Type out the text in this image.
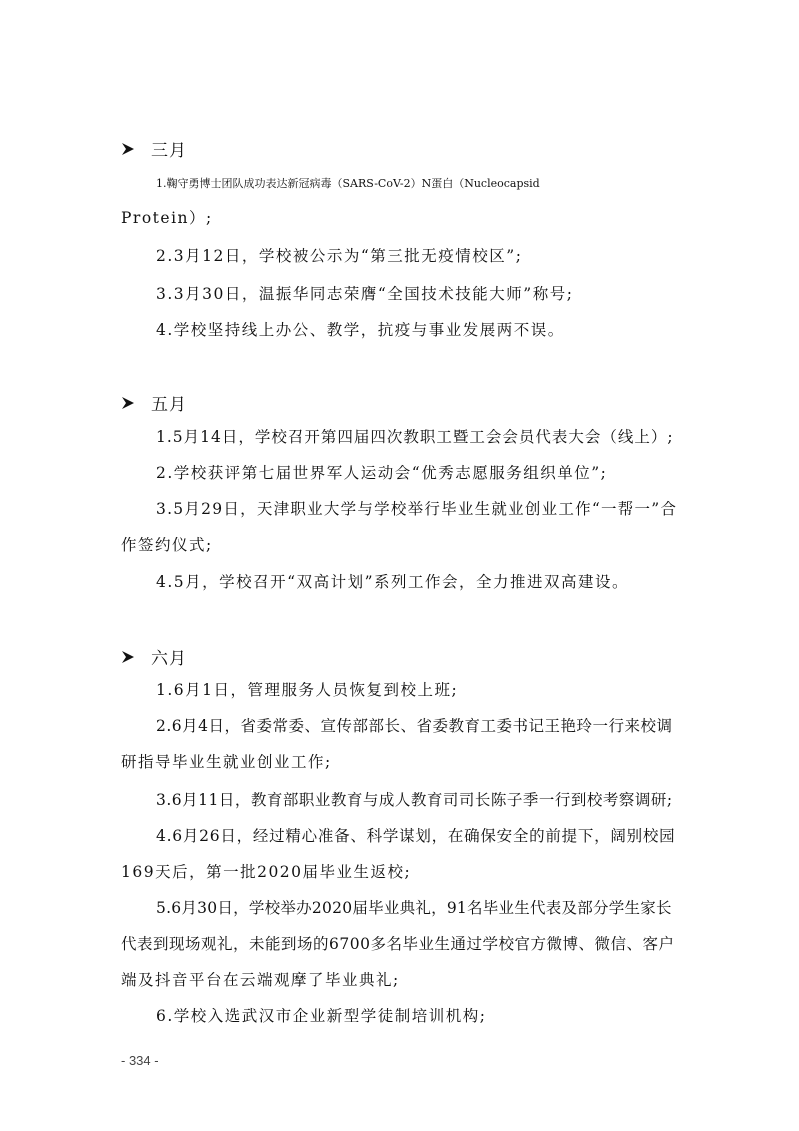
三月
1.鞠守勇博士团队成功表达新冠病毒（SARS-CoV-2）N蛋白（Nucleocapsid
Protein）;
2.3月12日，学校被公示为“第三批无疫情校区”;
3.3月30日，温振华同志荣膺“全国技术技能大师”称号;
4.学校坚持线上办公、教学，抗疫与事业发展两不误。
五月
1.5月14日，学校召开第四届四次教职工暨工会会员代表大会（线上）;
2.学校获评第七届世界军人运动会“优秀志愿服务组织单位”;
3.5月29日，天津职业大学与学校举行毕业生就业创业工作“一帮一”合
作签约仪式;
4.5月，学校召开“双高计划”系列工作会，全力推进双高建设。
六月
1.6月1日，管理服务人员恢复到校上班;
2.6月4日，省委常委、宣传部部长、省委教育工委书记王艳玲一行来校调
研指导毕业生就业创业工作;
3.6月11日，教育部职业教育与成人教育司司长陈子季一行到校考察调研;
4.6月26日，经过精心准备、科学谋划，在确保安全的前提下，阔别校园
169天后，第一批2020届毕业生返校;
5.6月30日，学校举办2020届毕业典礼，91名毕业生代表及部分学生家长
代表到现场观礼，未能到场的6700多名毕业生通过学校官方微博、微信、客户
端及抖音平台在云端观摩了毕业典礼;
6.学校入选武汉市企业新型学徒制培训机构;
- 334 -
